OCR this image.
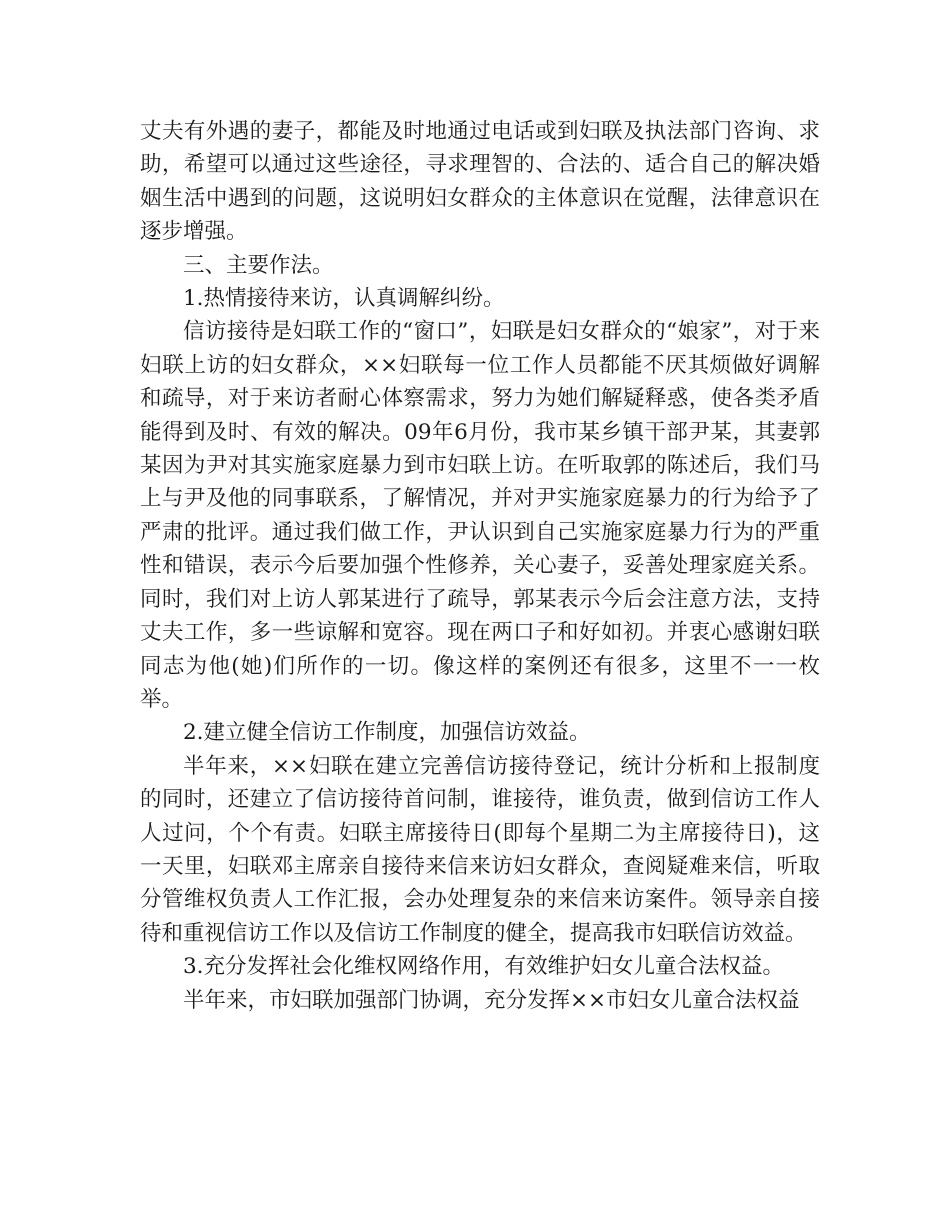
丈夫有外遇的妻子，都能及时地通过电话或到妇联及执法部门咨询、求助，希望可以通过这些途径，寻求理智的、合法的、适合自己的解决婚姻生活中遇到的问题，这说明妇女群众的主体意识在觉醒，法律意识在逐步增强。

三、主要作法。

1.热情接待来访，认真调解纠纷。

信访接待是妇联工作的“窗口”，妇联是妇女群众的“娘家”，对于来妇联上访的妇女群众，××妇联每一位工作人员都能不厌其烦做好调解和疏导，对于来访者耐心体察需求，努力为她们解疑释惑，使各类矛盾能得到及时、有效的解决。09年6月份，我市某乡镇干部尹某，其妻郭某因为尹对其实施家庭暴力到市妇联上访。在听取郭的陈述后，我们马上与尹及他的同事联系，了解情况，并对尹实施家庭暴力的行为给予了严肃的批评。通过我们做工作，尹认识到自己实施家庭暴力行为的严重性和错误，表示今后要加强个性修养，关心妻子，妥善处理家庭关系。同时，我们对上访人郭某进行了疏导，郭某表示今后会注意方法，支持丈夫工作，多一些谅解和宽容。现在两口子和好如初。并衷心感谢妇联同志为他(她)们所作的一切。像这样的案例还有很多，这里不一一枚举。

2.建立健全信访工作制度，加强信访效益。

半年来，××妇联在建立完善信访接待登记，统计分析和上报制度的同时，还建立了信访接待首问制，谁接待，谁负责，做到信访工作人人过问，个个有责。妇联主席接待日(即每个星期二为主席接待日)，这一天里，妇联邓主席亲自接待来信来访妇女群众，查阅疑难来信，听取分管维权负责人工作汇报，会办处理复杂的来信来访案件。领导亲自接待和重视信访工作以及信访工作制度的健全，提高我市妇联信访效益。

3.充分发挥社会化维权网络作用，有效维护妇女儿童合法权益。

半年来，市妇联加强部门协调，充分发挥××市妇女儿童合法权益
